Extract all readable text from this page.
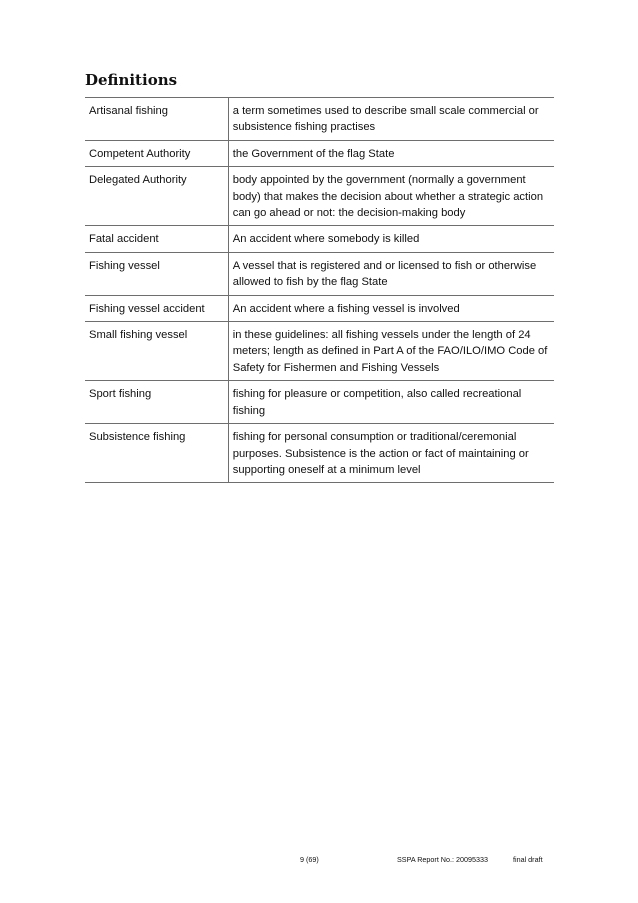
Definitions
Artisanal fishing	a term sometimes used to describe small scale commercial or subsistence fishing practises
Competent Authority	the Government of the flag State
Delegated Authority	body appointed by the government (normally a government body) that makes the decision about whether a strategic action can go ahead or not: the decision-making body
Fatal accident	An accident where somebody is killed
Fishing vessel	A vessel that is registered and or licensed to fish or otherwise allowed to fish by the flag State
Fishing vessel accident	An accident where a fishing vessel is involved
Small fishing vessel	in these guidelines: all fishing vessels under the length of 24 meters; length as defined in Part A of the FAO/ILO/IMO Code of Safety for Fishermen and Fishing Vessels
Sport fishing	fishing for pleasure or competition, also called recreational fishing
Subsistence fishing	fishing for personal consumption or traditional/ceremonial purposes. Subsistence is the action or fact of maintaining or supporting oneself at a minimum level
9 (69)	SSPA Report No.: 20095333	final draft
